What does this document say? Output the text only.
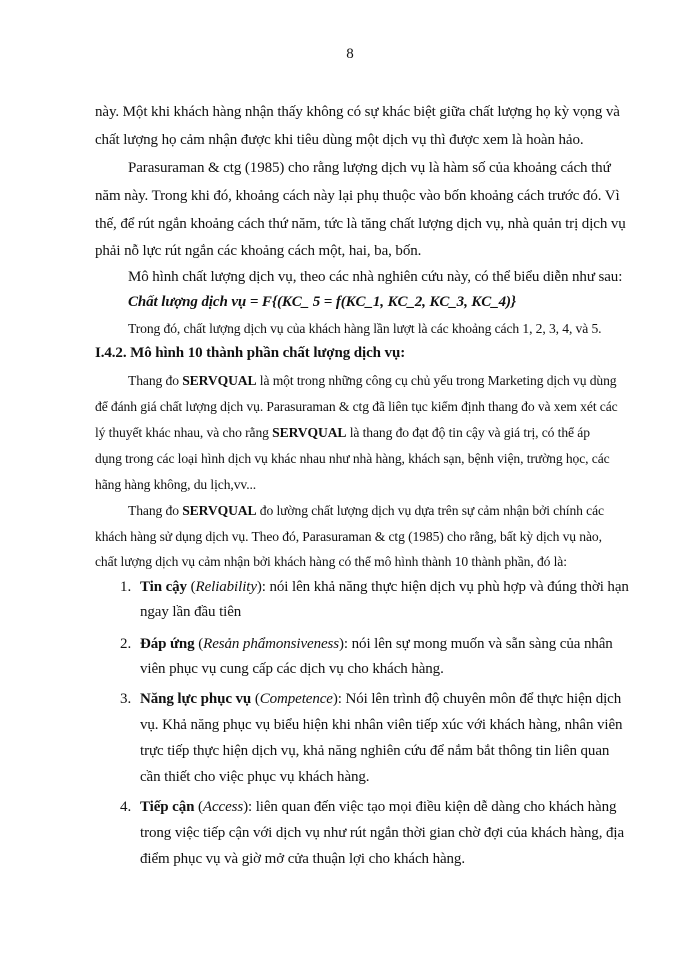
8
này. Một khi khách hàng nhận thấy không có sự khác biệt giữa chất lượng họ kỳ vọng và
chất lượng họ cảm nhận được khi tiêu dùng một dịch vụ thì được xem là hoàn hảo.
Parasuraman & ctg (1985) cho rằng lượng dịch vụ là hàm số của khoảng cách thứ
năm này. Trong khi đó, khoảng cách này lại phụ thuộc vào bốn khoảng cách trước đó. Vì
thế, để rút ngắn khoảng cách thứ năm, tức là tăng chất lượng dịch vụ, nhà quản trị dịch vụ
phải nỗ lực rút ngắn các khoảng cách một, hai, ba, bốn.
Mô hình chất lượng dịch vụ, theo các nhà nghiên cứu này, có thể biểu diễn như sau:
Chất lượng dịch vụ = F{(KC_ 5 = f(KC_1, KC_2, KC_3, KC_4)}
Trong đó, chất lượng dịch vụ của khách hàng lần lượt là các khoảng cách 1, 2, 3, 4, và 5.
I.4.2. Mô hình 10 thành phần chất lượng dịch vụ:
Thang đo SERVQUAL là một trong những công cụ chủ yếu trong Marketing dịch vụ dùng
để đánh giá chất lượng dịch vụ. Parasuraman & ctg đã liên tục kiểm định thang đo và xem xét các
lý thuyết khác nhau, và cho rằng SERVQUAL là thang đo đạt độ tin cậy và giá trị, có thể áp
dụng trong các loại hình dịch vụ khác nhau như nhà hàng, khách sạn, bệnh viện, trường học, các
hãng hàng không, du lịch,vv...
Thang đo SERVQUAL đo lường chất lượng dịch vụ dựa trên sự cảm nhận bởi chính các
khách hàng sử dụng dịch vụ. Theo đó, Parasuraman & ctg (1985) cho rằng, bất kỳ dịch vụ nào,
chất lượng dịch vụ cảm nhận bởi khách hàng có thể mô hình thành 10 thành phần, đó là:
1. Tin cậy (Reliability): nói lên khả năng thực hiện dịch vụ phù hợp và đúng thời hạn
ngay lần đầu tiên
2. Đáp ứng (Resản phẩmonsiveness): nói lên sự mong muốn và sẵn sàng của nhân
viên phục vụ cung cấp các dịch vụ cho khách hàng.
3. Năng lực phục vụ (Competence): Nói lên trình độ chuyên môn để thực hiện dịch
vụ. Khả năng phục vụ biểu hiện khi nhân viên tiếp xúc với khách hàng, nhân viên
trực tiếp thực hiện dịch vụ, khả năng nghiên cứu để nắm bắt thông tin liên quan
cần thiết cho việc phục vụ khách hàng.
4. Tiếp cận (Access): liên quan đến việc tạo mọi điều kiện dễ dàng cho khách hàng
trong việc tiếp cận với dịch vụ như rút ngắn thời gian chờ đợi của khách hàng, địa
điểm phục vụ và giờ mở cửa thuận lợi cho khách hàng.
